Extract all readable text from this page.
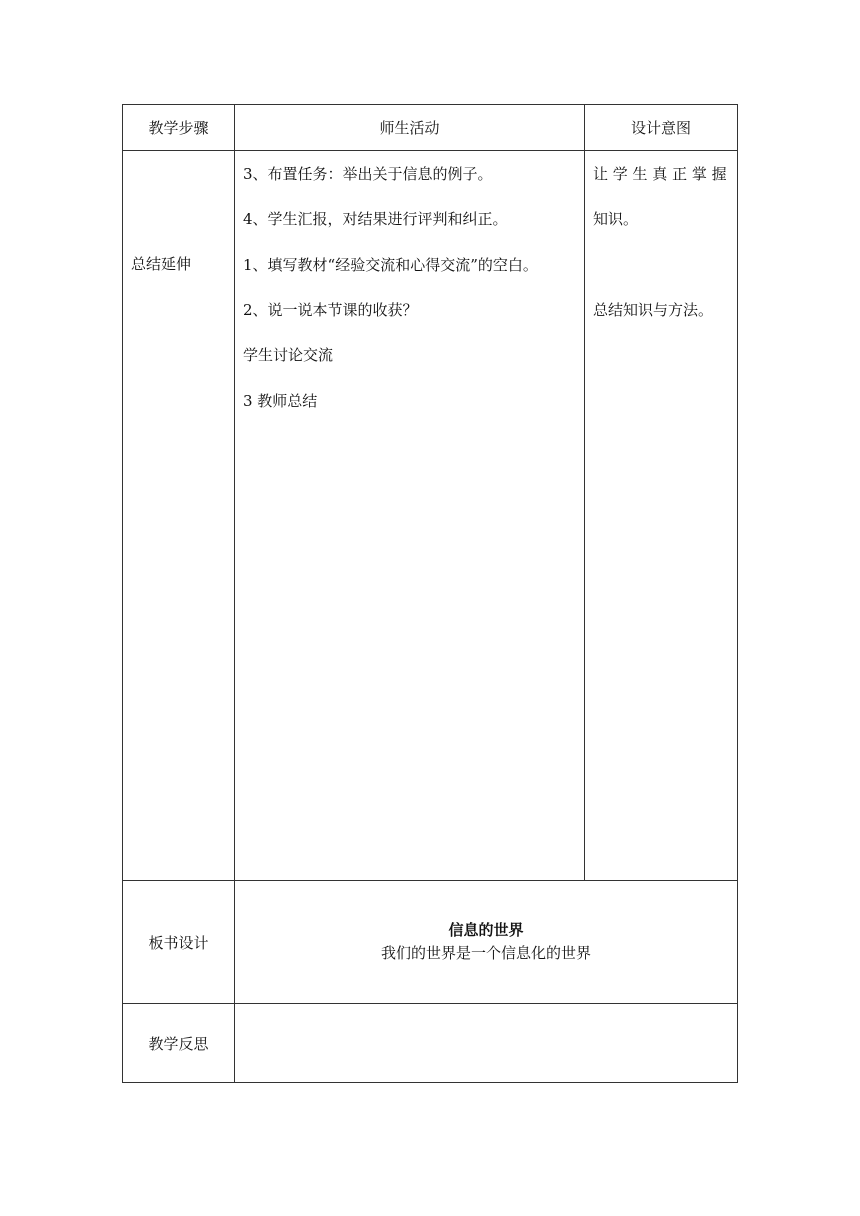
教学步骤	师生活动	设计意图
总结延伸
3、布置任务：举出关于信息的例子。
4、学生汇报，对结果进行评判和纠正。
1、填写教材“经验交流和心得交流”的空白。
2、说一说本节课的收获？
学生讨论交流
3 教师总结
让 学 生 真 正 掌 握
知识。
总结知识与方法。
板书设计
信息的世界
我们的世界是一个信息化的世界
教学反思
